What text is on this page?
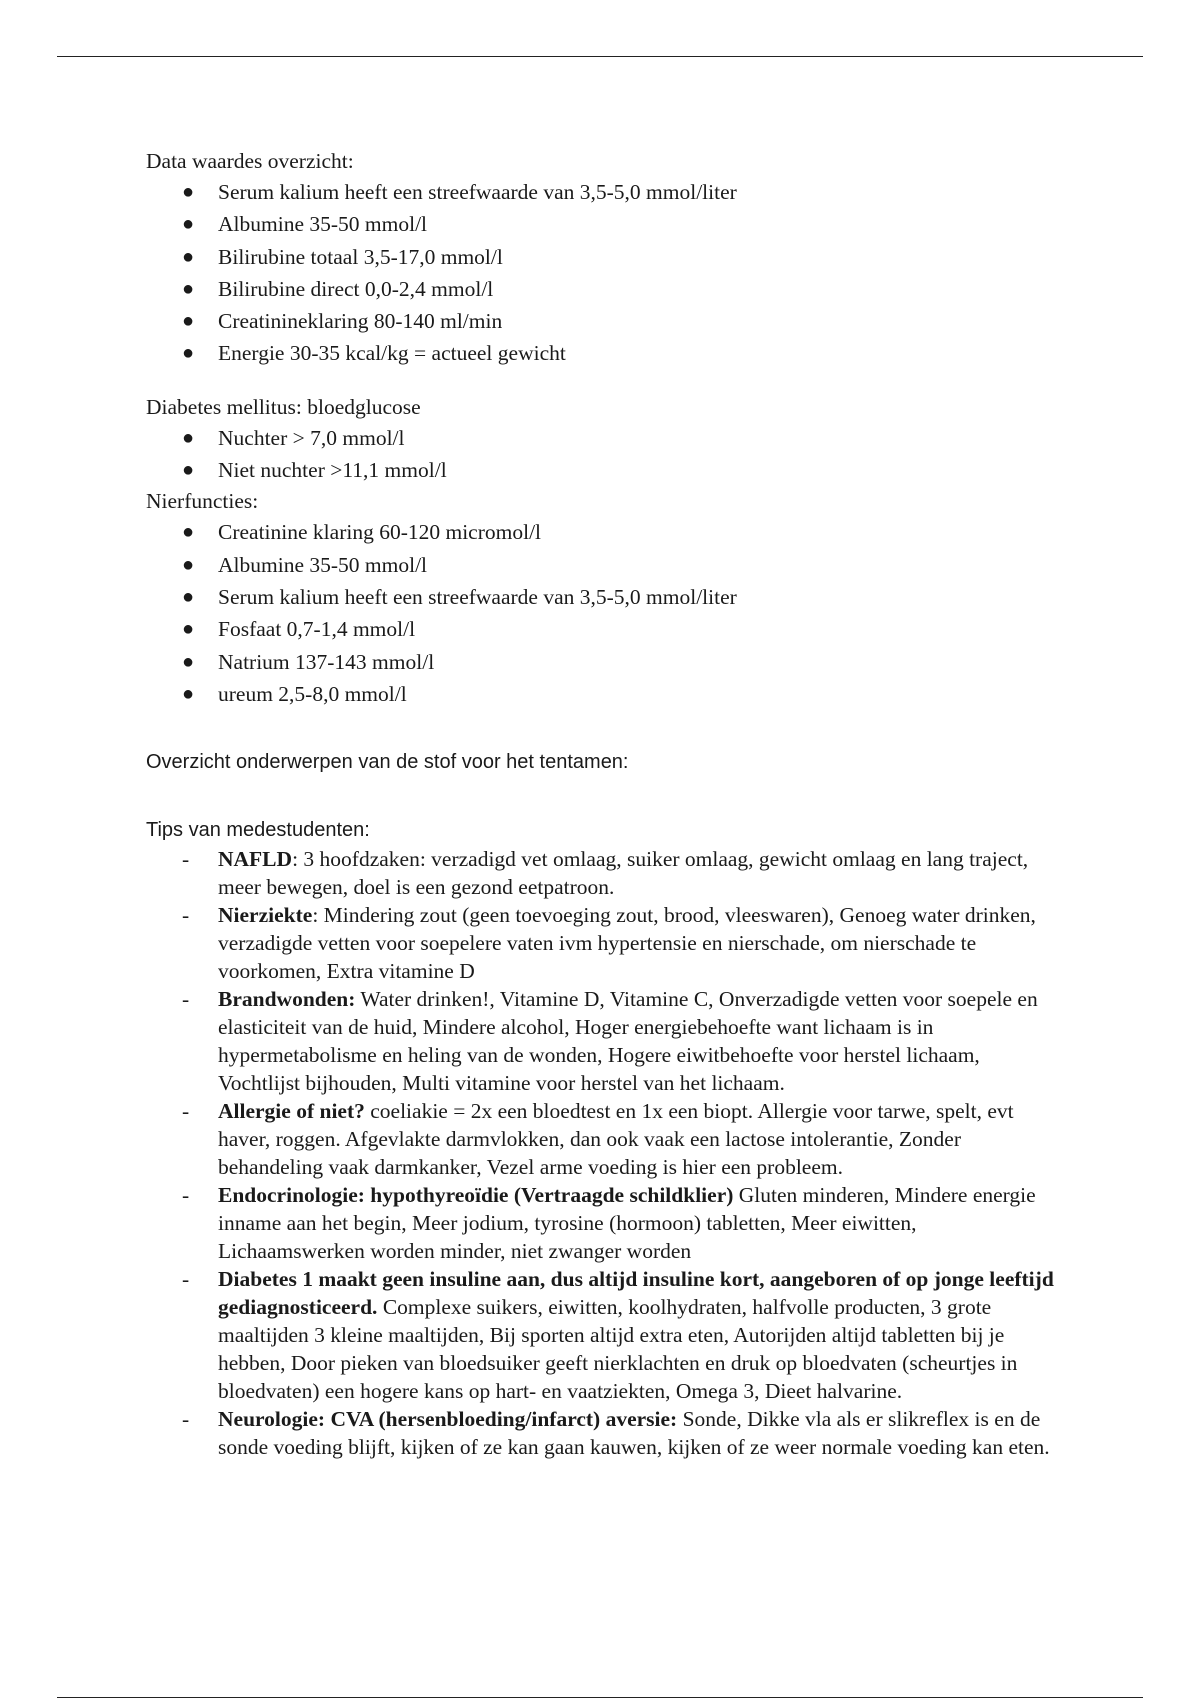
Data waardes overzicht:

● Serum kalium heeft een streefwaarde van 3,5-5,0 mmol/liter
● Albumine 35-50 mmol/l
● Bilirubine totaal 3,5-17,0 mmol/l
● Bilirubine direct 0,0-2,4 mmol/l
● Creatinineklaring 80-140 ml/min
● Energie 30-35 kcal/kg = actueel gewicht

Diabetes mellitus: bloedglucose

● Nuchter > 7,0 mmol/l
● Niet nuchter >11,1 mmol/l

Nierfuncties:

● Creatinine klaring 60-120 micromol/l
● Albumine 35-50 mmol/l
● Serum kalium heeft een streefwaarde van 3,5-5,0 mmol/liter
● Fosfaat 0,7-1,4 mmol/l
● Natrium 137-143 mmol/l
● ureum 2,5-8,0 mmol/l

Overzicht onderwerpen van de stof voor het tentamen:

Tips van medestudenten:

- NAFLD: 3 hoofdzaken: verzadigd vet omlaag, suiker omlaag, gewicht omlaag en lang traject, meer bewegen, doel is een gezond eetpatroon.
- Nierziekte: Mindering zout (geen toevoeging zout, brood, vleeswaren), Genoeg water drinken, verzadigde vetten voor soepelere vaten ivm hypertensie en nierschade, om nierschade te voorkomen, Extra vitamine D
- Brandwonden: Water drinken!, Vitamine D, Vitamine C, Onverzadigde vetten voor soepele en elasticiteit van de huid, Mindere alcohol, Hoger energiebehoefte want lichaam is in hypermetabolisme en heling van de wonden, Hogere eiwitbehoefte voor herstel lichaam, Vochtlijst bijhouden, Multi vitamine voor herstel van het lichaam.
- Allergie of niet? coeliakie = 2x een bloedtest en 1x een biopt. Allergie voor tarwe, spelt, evt haver, roggen. Afgevlakte darmvlokken, dan ook vaak een lactose intolerantie, Zonder behandeling vaak darmkanker, Vezel arme voeding is hier een probleem.
- Endocrinologie: hypothyreoïdie (Vertraagde schildklier) Gluten minderen, Mindere energie inname aan het begin, Meer jodium, tyrosine (hormoon) tabletten, Meer eiwitten, Lichaamswerken worden minder, niet zwanger worden
- Diabetes 1 maakt geen insuline aan, dus altijd insuline kort, aangeboren of op jonge leeftijd gediagnosticeerd. Complexe suikers, eiwitten, koolhydraten, halfvolle producten, 3 grote maaltijden 3 kleine maaltijden, Bij sporten altijd extra eten, Autorijden altijd tabletten bij je hebben, Door pieken van bloedsuiker geeft nierklachten en druk op bloedvaten (scheurtjes in bloedvaten) een hogere kans op hart- en vaatziekten, Omega 3, Dieet halvarine.
- Neurologie: CVA (hersenbloeding/infarct) aversie: Sonde, Dikke vla als er slikreflex is en de sonde voeding blijft, kijken of ze kan gaan kauwen, kijken of ze weer normale voeding kan eten.
